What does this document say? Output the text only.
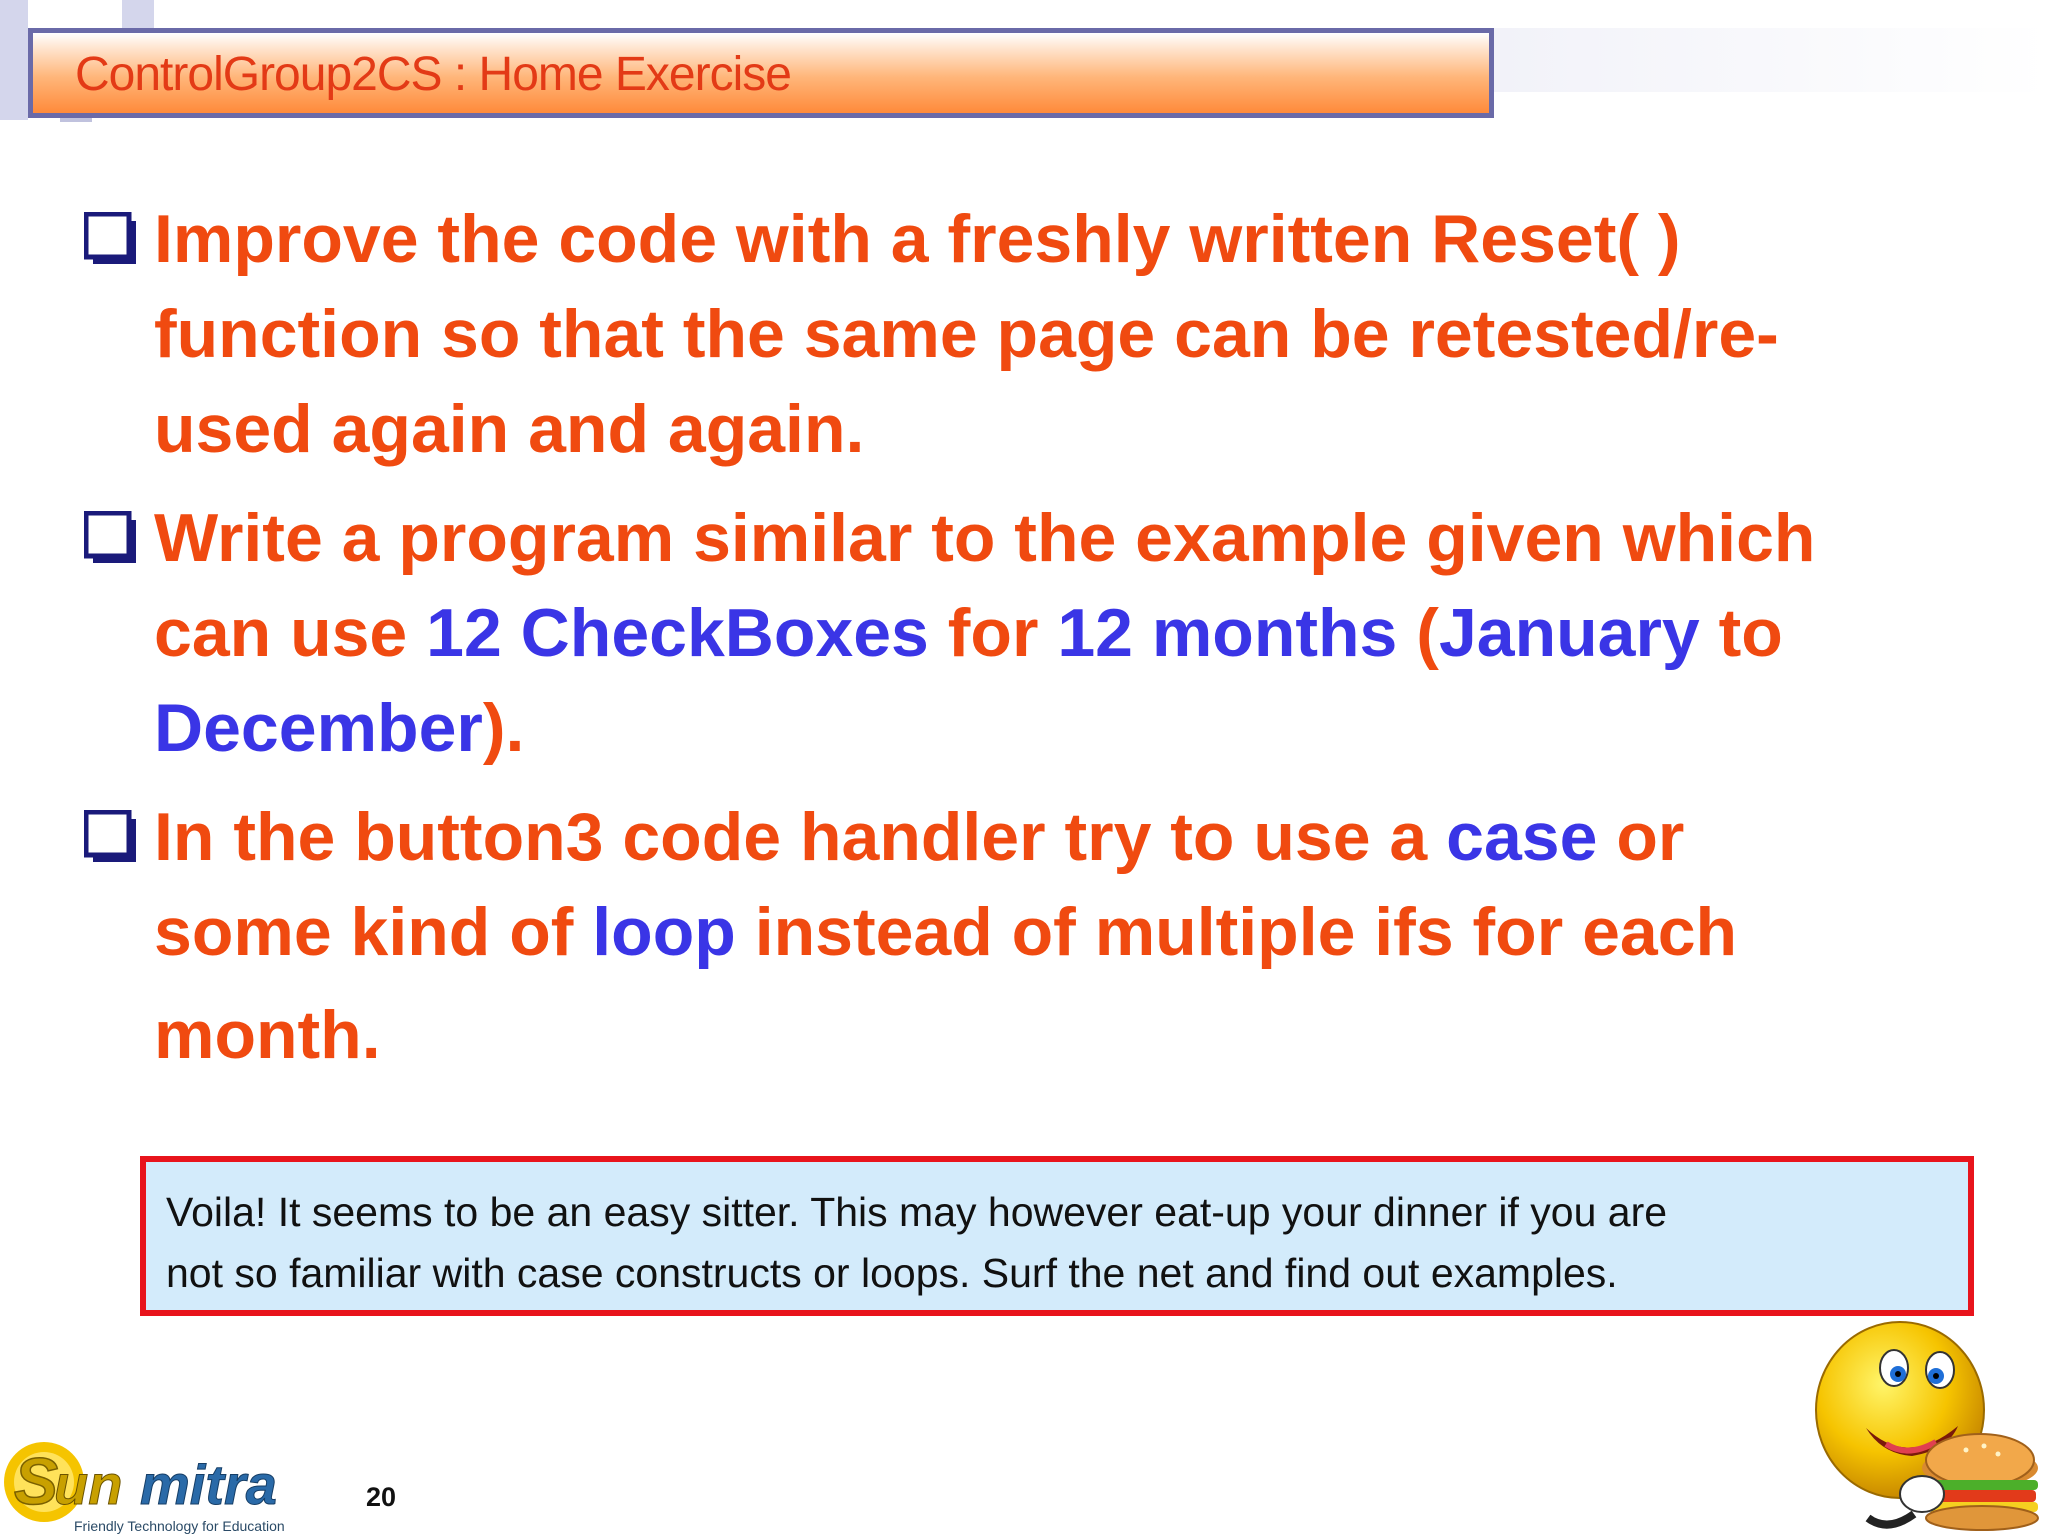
ControlGroup2CS : Home Exercise
Improve the code with a freshly written Reset( )
function so that the same page can be retested/re-
used again and again.
Write a program similar to the example given which
can use 12 CheckBoxes for 12 months (January to
December).
In the button3 code handler try to use a case or
some kind of loop instead of multiple ifs for each
month.
Voila! It seems to be an easy sitter. This may however eat-up your dinner if you are
not so familiar with case constructs or loops. Surf the net and find out examples.
S
un mitra
Friendly Technology for Education
20
